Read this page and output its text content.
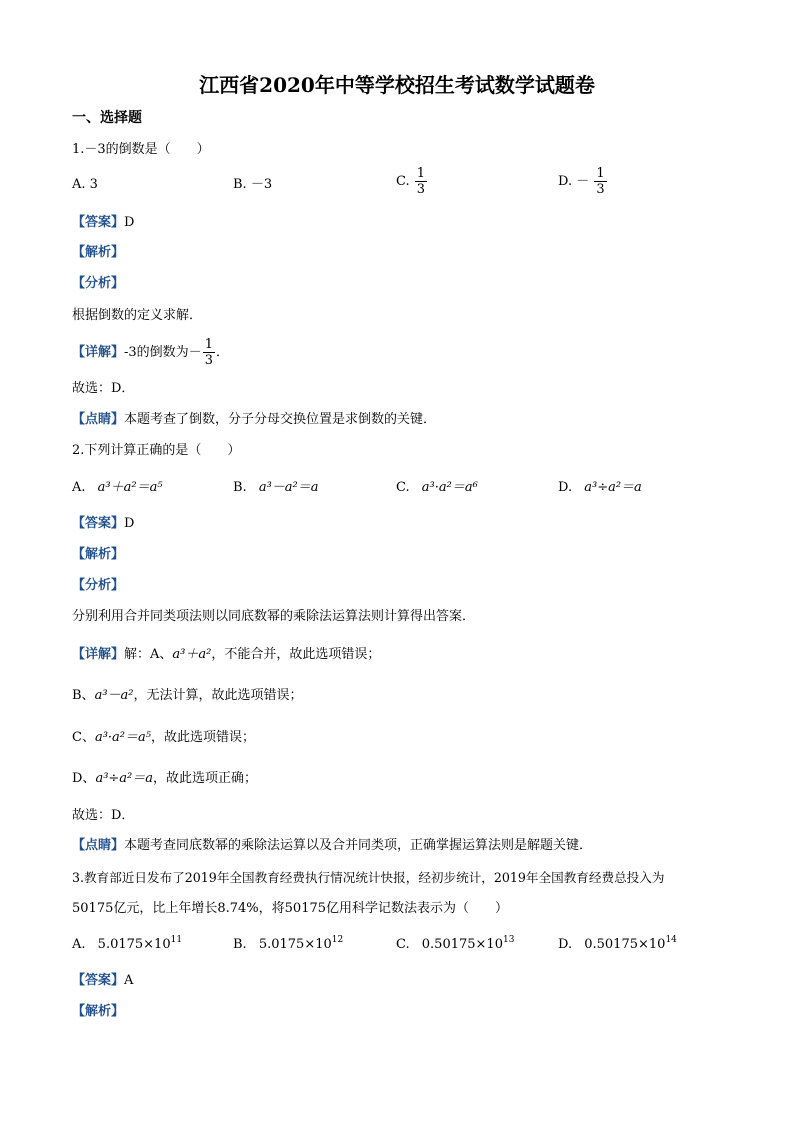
江西省2020年中等学校招生考试数学试题卷
一、选择题
1.－3的倒数是（　　）
A. 3	B. －3	C. $\frac{1}{3}$	D. － $\frac{1}{3}$
【答案】D
【解析】
【分析】
根据倒数的定义求解．
【详解】-3的倒数为－ $\frac{1}{3}$ ．
故选：D．
【点睛】本题考查了倒数，分子分母交换位置是求倒数的关键．
2.下列计算正确的是（　　）
A. a³＋a²＝a⁵	B. a³－a²＝a	C. a³·a²＝a⁶	D. a³÷a²＝a
【答案】D
【解析】
【分析】
分别利用合并同类项法则以同底数幂的乘除法运算法则计算得出答案．
【详解】解：A、a³＋a²，不能合并，故此选项错误；
B、a³－a²，无法计算，故此选项错误；
C、a³·a²＝a⁵，故此选项错误；
D、a³÷a²＝a，故此选项正确；
故选：D．
【点睛】本题考查同底数幂的乘除法运算以及合并同类项，正确掌握运算法则是解题关键．
3.教育部近日发布了2019年全国教育经费执行情况统计快报，经初步统计，2019年全国教育经费总投入为
50175亿元，比上年增长8.74%，将50175亿用科学记数法表示为（　　）
A. $5.0175\times 10^{11}$	B. $5.0175\times 10^{12}$	C. $0.50175\times 10^{13}$	D. $0.50175\times 10^{14}$
【答案】A
【解析】
